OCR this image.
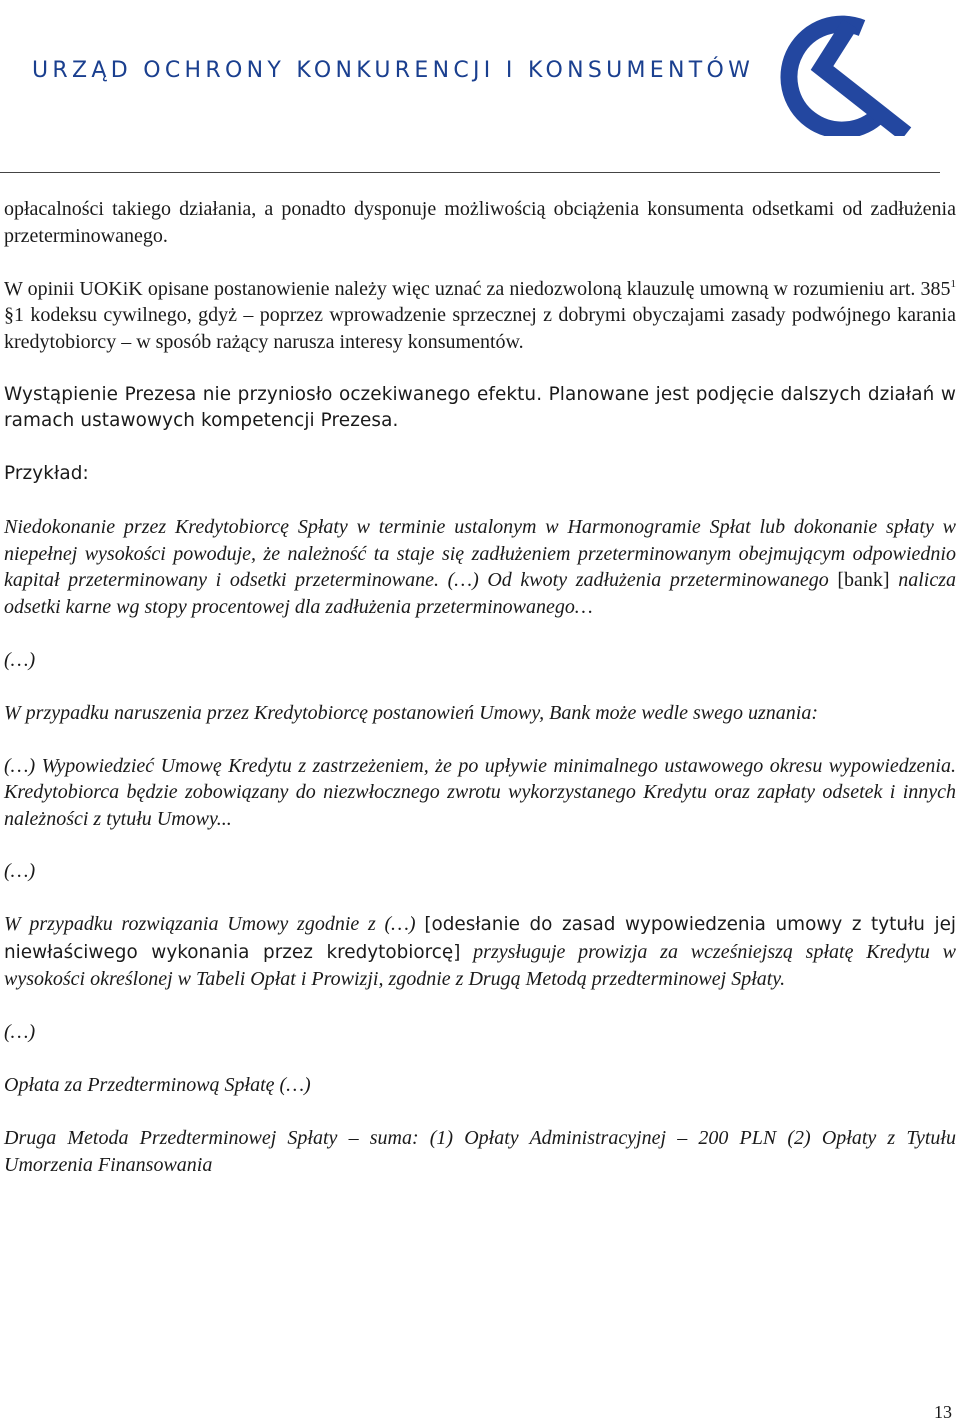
URZĄD OCHRONY KONKURENCJI I KONSUMENTÓW

opłacalności takiego działania, a ponadto dysponuje możliwością obciążenia konsumenta odsetkami od zadłużenia przeterminowanego.

W opinii UOKiK opisane postanowienie należy więc uznać za niedozwoloną klauzulę umowną w rozumieniu art. $385^1$ §1 kodeksu cywilnego, gdyż – poprzez wprowadzenie sprzecznej z dobrymi obyczajami zasady podwójnego karania kredytobiorcy – w sposób rażący narusza interesy konsumentów.

Wystąpienie Prezesa nie przyniosło oczekiwanego efektu. Planowane jest podjęcie dalszych działań w ramach ustawowych kompetencji Prezesa.

Przykład:

Niedokonanie przez Kredytobiorcę Spłaty w terminie ustalonym w Harmonogramie Spłat lub dokonanie spłaty w niepełnej wysokości powoduje, że należność ta staje się zadłużeniem przeterminowanym obejmującym odpowiednio kapitał przeterminowany i odsetki przeterminowane. (…) Od kwoty zadłużenia przeterminowanego [bank] nalicza odsetki karne wg stopy procentowej dla zadłużenia przeterminowanego…

(…)

W przypadku naruszenia przez Kredytobiorcę postanowień Umowy, Bank może wedle swego uznania:

(…) Wypowiedzieć Umowę Kredytu z zastrzeżeniem, że po upływie minimalnego ustawowego okresu wypowiedzenia. Kredytobiorca będzie zobowiązany do niezwłocznego zwrotu wykorzystanego Kredytu oraz zapłaty odsetek i innych należności z tytułu Umowy...

(…)

W przypadku rozwiązania Umowy zgodnie z (…) [odesłanie do zasad wypowiedzenia umowy z tytułu jej niewłaściwego wykonania przez kredytobiorcę] przysługuje prowizja za wcześniejszą spłatę Kredytu w wysokości określonej w Tabeli Opłat i Prowizji, zgodnie z Drugą Metodą przedterminowej Spłaty.

(…)

Opłata za Przedterminową Spłatę (…)

Druga Metoda Przedterminowej Spłaty – suma: (1) Opłaty Administracyjnej – 200 PLN (2) Opłaty z Tytułu Umorzenia Finansowania

13
